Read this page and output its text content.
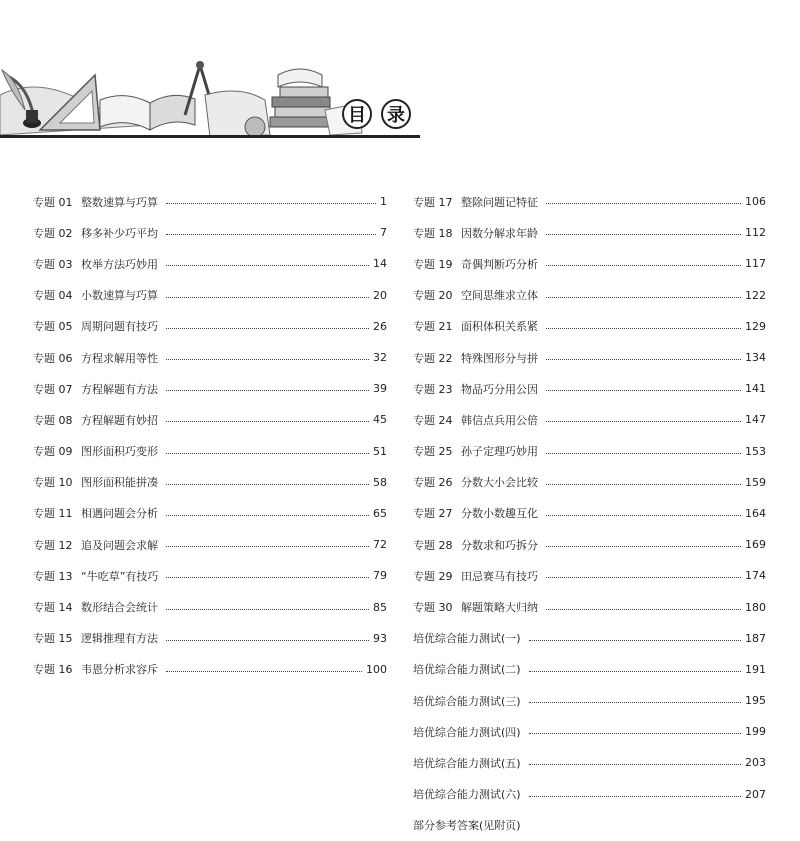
目	录
专题 01 整数速算与巧算	1
专题 02 移多补少巧平均	7
专题 03 枚举方法巧妙用	14
专题 04 小数速算与巧算	20
专题 05 周期问题有技巧	26
专题 06 方程求解用等性	32
专题 07 方程解题有方法	39
专题 08 方程解题有妙招	45
专题 09 图形面积巧变形	51
专题 10 图形面积能拼凑	58
专题 11 相遇问题会分析	65
专题 12 追及问题会求解	72
专题 13 “牛吃草”有技巧	79
专题 14 数形结合会统计	85
专题 15 逻辑推理有方法	93
专题 16 韦恩分析求容斥	100
专题 17 整除问题记特征	106
专题 18 因数分解求年龄	112
专题 19 奇偶判断巧分析	117
专题 20 空间思维求立体	122
专题 21 面积体积关系紧	129
专题 22 特殊图形分与拼	134
专题 23 物品巧分用公因	141
专题 24 韩信点兵用公倍	147
专题 25 孙子定理巧妙用	153
专题 26 分数大小会比较	159
专题 27 分数小数趣互化	164
专题 28 分数求和巧拆分	169
专题 29 田忌赛马有技巧	174
专题 30 解题策略大归纳	180
培优综合能力测试(一)	187
培优综合能力测试(二)	191
培优综合能力测试(三)	195
培优综合能力测试(四)	199
培优综合能力测试(五)	203
培优综合能力测试(六)	207
部分参考答案(见附页)
